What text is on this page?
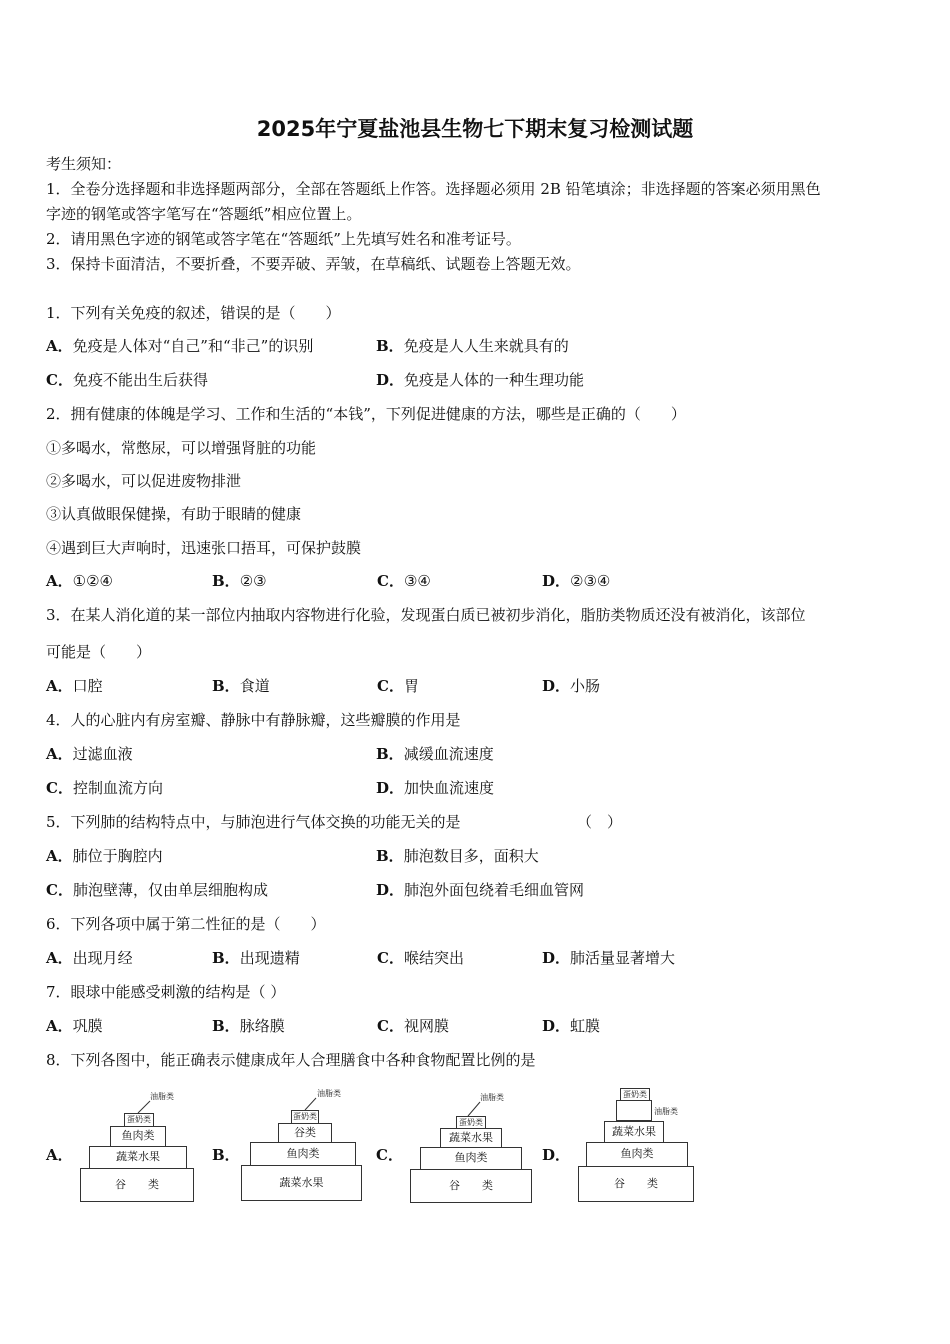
2025年宁夏盐池县生物七下期末复习检测试题
考生须知：
1．全卷分选择题和非选择题两部分，全部在答题纸上作答。选择题必须用 2B 铅笔填涂；非选择题的答案必须用黑色
字迹的钢笔或答字笔写在“答题纸”相应位置上。
2．请用黑色字迹的钢笔或答字笔在“答题纸”上先填写姓名和准考证号。
3．保持卡面清洁，不要折叠，不要弄破、弄皱，在草稿纸、试题卷上答题无效。
1．下列有关免疫的叙述，错误的是（　　）
A．免疫是人体对“自己”和“非己”的识别	B．免疫是人人生来就具有的
C．免疫不能出生后获得	D．免疫是人体的一种生理功能
2．拥有健康的体魄是学习、工作和生活的“本钱”，下列促进健康的方法，哪些是正确的（　　）
①多喝水，常憋尿，可以增强肾脏的功能
②多喝水，可以促进废物排泄
③认真做眼保健操，有助于眼睛的健康
④遇到巨大声响时，迅速张口捂耳，可保护鼓膜
A．①②④	B．②③	C．③④	D．②③④
3．在某人消化道的某一部位内抽取内容物进行化验，发现蛋白质已被初步消化，脂肪类物质还没有被消化，该部位
可能是（　　）
A．口腔	B．食道	C．胃	D．小肠
4．人的心脏内有房室瓣、静脉中有静脉瓣，这些瓣膜的作用是
A．过滤血液	B．减缓血流速度
C．控制血流方向	D．加快血流速度
5．下列肺的结构特点中，与肺泡进行气体交换的功能无关的是	（　）
A．肺位于胸腔内	B．肺泡数目多，面积大
C．肺泡壁薄，仅由单层细胞构成	D．肺泡外面包绕着毛细血管网
6．下列各项中属于第二性征的是（　　）
A．出现月经	B．出现遗精	C．喉结突出	D．肺活量显著增大
7．眼球中能感受刺激的结构是（ ）
A．巩膜	B．脉络膜	C．视网膜	D．虹膜
8．下列各图中，能正确表示健康成年人合理膳食中各种食物配置比例的是
A．	B．	C．	D．
油脂类
蛋奶类
鱼肉类
蔬菜水果
谷　　类
油脂类
蛋奶类
谷类
鱼肉类
蔬菜水果
油脂类
蛋奶类
蔬菜水果
鱼肉类
谷　　类
蛋奶类
油脂类
蔬菜水果
鱼肉类
谷　　类
